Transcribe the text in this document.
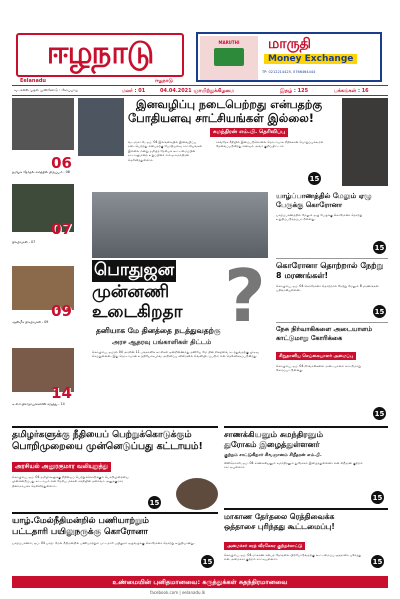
ஈழநாடு
Eelanadu	ஈழநாடு
MARUTHI	மாருதி
Money Exchange
TP: 0212214425, 0766464444
வடக்கின் முதல் முன்னோடு : கோப்பாய்	மலர் : 01	04.04.2021 ஞாயிற்றுக்கிழமை	இதழ் : 125	பக்கங்கள் : 16
06
தமிழக தேர்தல் களத்தில் திருப்பம் - 06
07
நிகழ்வுகள் - 07
09
ஆன்மீக நிகழ்வுகள் - 09
14
டி.எம்.திசாநாயக்கவின் கருத்து - 14
இனவழிப்பு நடைபெற்றது என்பதற்கு
போதியளவு சாட்சியங்கள் இல்லை!
சுமந்திரன் எம்.பி. தெரிவிப்பு
வடமராட்சி, ஏப். 04 இலங்கையில் இனவழிப்பு நடைபெற்றது என்பதற்கு போதியளவு சாட்சியங்கள் இல்லை என்று தமிழ்த் தேசியக் கூட்டமைப்பின் நாடாளுமன்ற உறுப்பினர் எம்.ஏ.சுமந்திரன் தெரிவித்துள்ளார்.
சர்வதேச ரீதியில் இனப்படுகொலை தொடர்பாக நீதிக்கான பொறுப்புக்கூறல் தேவைப்படுகிறது எனவும் அவர் குறிப்பிட்டார்.
15
பொதுஜன
முன்னணி
உடைகிறதா ?
தனியாக மே தினத்தை நடத்துவதற்கு
அரச ஆதரவு பங்காளிகள் திட்டம்
கொழும்பு, ஏப்ரல் 04 அரசின் 11 பங்காளிக் கட்சிகள் ஒன்றிணைந்து தனியே மே தின நிகழ்வை நடத்துவதற்கு முடிவு செய்துள்ளன. இது தொடர்பான உத்தியோகபூர்வ அறிவிப்பு விரைவில் வெளியிடப்படும் என தெரிவிக்கப்படுகிறது.
யாழ்ப்பாணத்தில் மேலும் ஏழு பேருக்கு கொரோனா
யாழ்ப்பாணத்தில் மேலும் ஏழு பேருக்கு கொரோனா தொற்று உறுதிப்படுத்தப்பட்டுள்ளது.
15
கொரோனா தொற்றால் நேற்று 8 மரணங்கள்!
கொழும்பு, ஏப். 04 கொரோனா தொற்றால் நேற்று மேலும் 8 மரணங்கள் பதிவாகியுள்ளன.
15
நேசு நிர்வாகிகளை அடையாளம் காட்டுமாறு கோரிக்கை
சிறுதானிய செய்கையாளர் அமைப்பு
கொழும்பு, ஏப். 04 நிர்வாகிகளை அடையாளம் காட்டுமாறு கோரப்பட்டுள்ளது.
15
தமிழர்களுக்கு நீதியைப் பெற்றுக்கொடுக்கும்
பொறிமுறையை முன்னெடுப்பது கட்டாயம்!
அரசியல் அனுரகுமார வலியுறுத்து
கொழும்பு, ஏப். 04 தமிழர்களுக்கு நீதியைப் பெற்றுக்கொடுக்கும் பொறிமுறையை முன்னெடுப்பது கட்டாயம் என தேசிய மக்கள் சக்தியின் தலைவர் அனுரகுமார திஸாநாயக்க தெரிவித்துள்ளார்.
15
சாணக்கியனும் சுமந்திரனும்
துரோகம் இழைத்துள்ளனர்
குற்றம் சாட்டுகிறார் சிவஞானம் சிறீதரன் எம்.பி.
கிளிநொச்சி, ஏப். 04 சாணக்கியனும் சுமந்திரனும் துரோகம் இழைத்துள்ளனர் என சிறீதரன் குற்றம் சாட்டியுள்ளார்.
15
யாழ்.மேல்நீதிமன்றில் பணியாற்றும்
பட்டதாரி பயிலுநருக்கு கொரோனா
யாழ்ப்பாணம், ஏப். 04 யாழ். மேல் நீதிமன்றில் பணியாற்றும் பட்டதாரி பயிலுநர் ஒருவருக்கு கொரோனா தொற்று உறுதியானது.
15
மாகாண தேர்தலை ரெத்திவைக்க
ஒத்தாசை புரிந்தது கூட்டமைப்பு!
அமைச்சர் சரத் வீரசேகர குற்றச்சாட்டு
கொழும்பு, ஏப். 04 மாகாண சபைத் தேர்தலை பிற்போடுவதற்கு கூட்டமைப்பு ஒத்தாசை புரிந்தது என அமைச்சர் குற்றம் சாட்டியுள்ளார்.	15
உண்மையின் புனிதமானவை: கருத்துக்கள் சுதந்திரமானவை
facebook.com | eelanadu.lk
